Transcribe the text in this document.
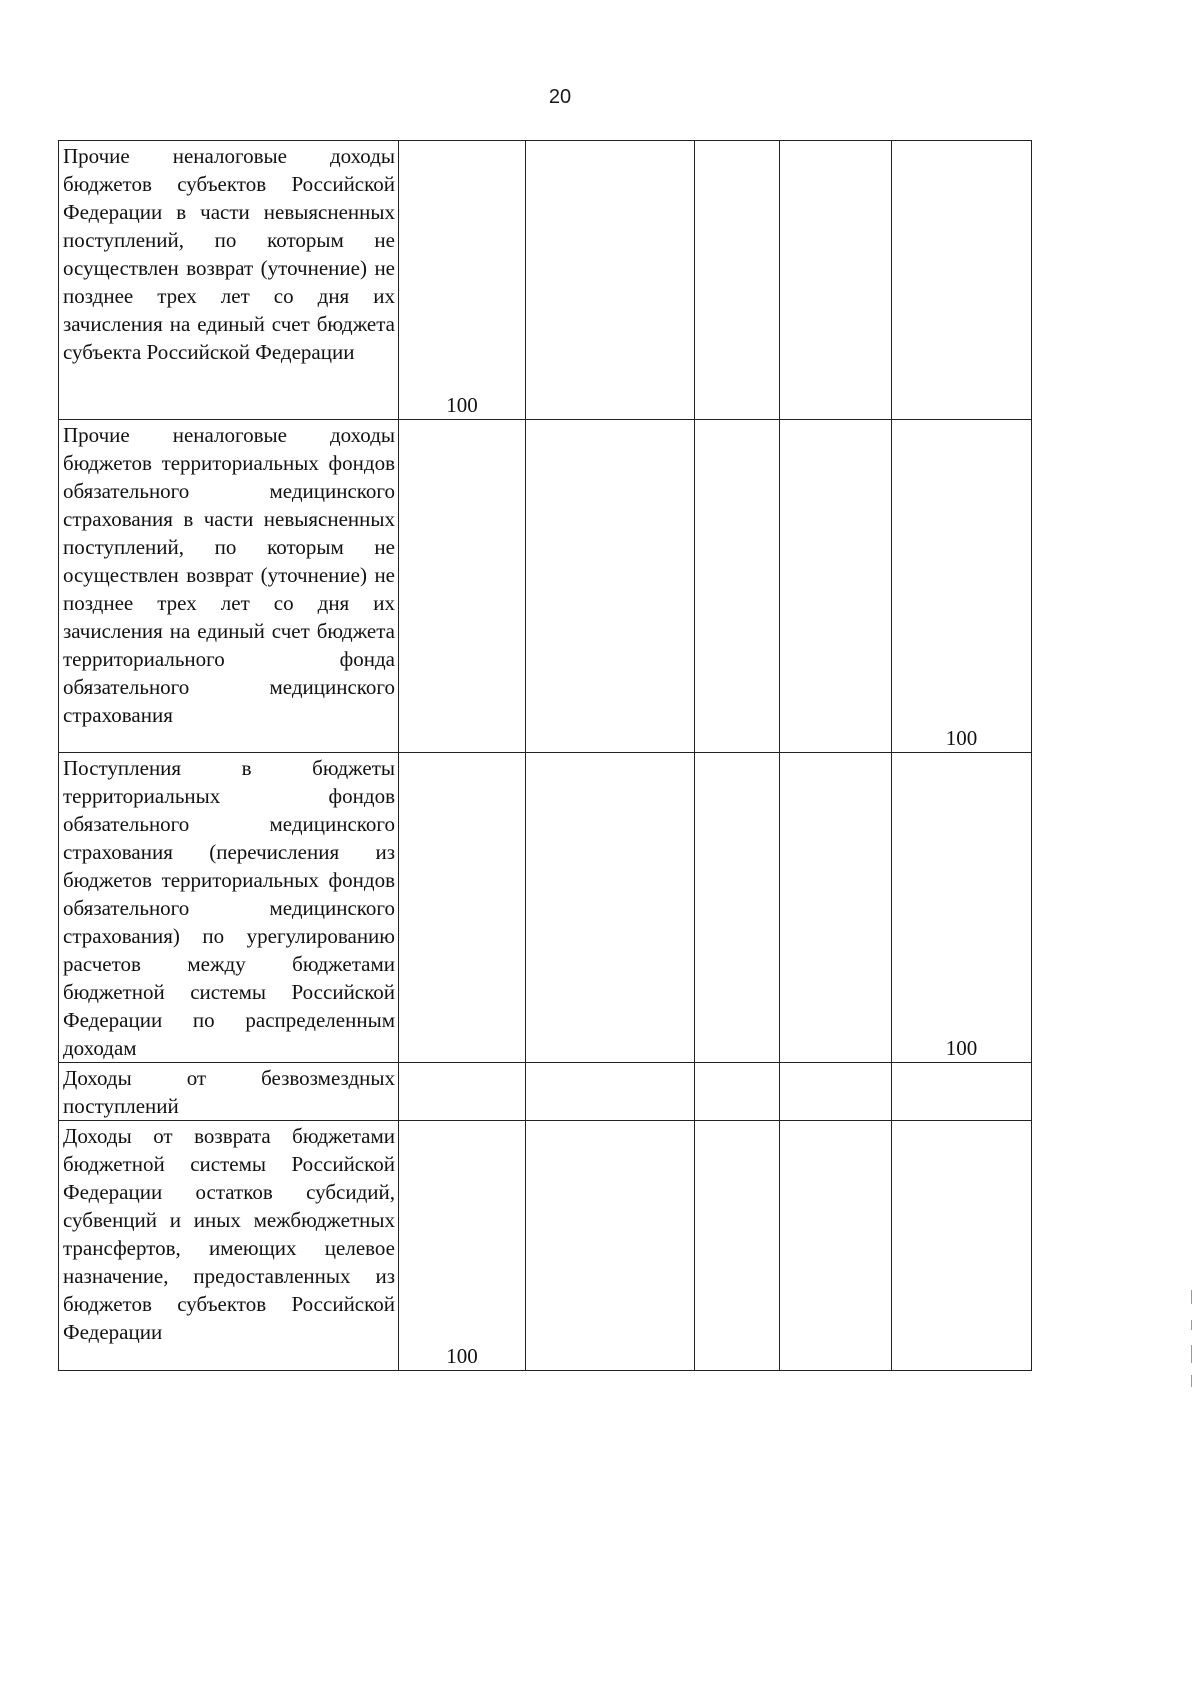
20
Прочие неналоговые доходы бюджетов субъектов Российской Федерации в части невыясненных поступлений, по которым не осуществлен возврат (уточнение) не позднее трех лет со дня их зачисления на единый счет бюджета субъекта Российской Федерации	100				

Прочие неналоговые доходы бюджетов территориальных фондов обязательного медицинского страхования в части невыясненных поступлений, по которым не осуществлен возврат (уточнение) не позднее трех лет со дня их зачисления на единый счет бюджета территориального фонда обязательного медицинского страхования					100

Поступления в бюджеты территориальных фондов обязательного медицинского страхования (перечисления из бюджетов территориальных фондов обязательного медицинского страхования) по урегулированию расчетов между бюджетами бюджетной системы Российской Федерации по распределенным доходам					100

Доходы от безвозмездных поступлений					

Доходы от возврата бюджетами бюджетной системы Российской Федерации остатков субсидий, субвенций и иных межбюджетных трансфертов, имеющих целевое назначение, предоставленных из бюджетов субъектов Российской Федерации	100				
